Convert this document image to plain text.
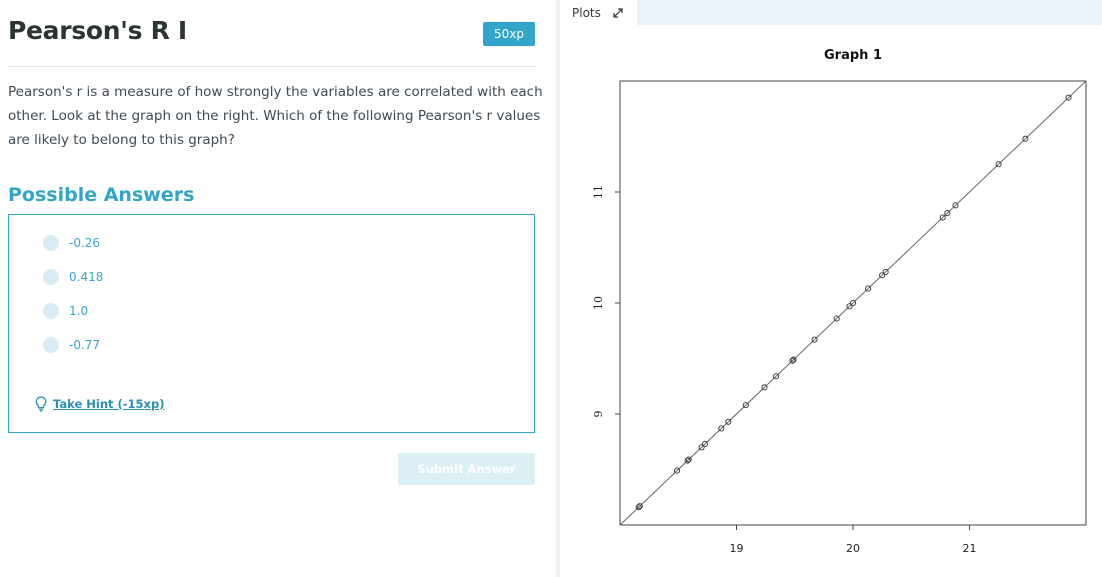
Pearson's R I	50xp
Pearson's r is a measure of how strongly the variables are correlated with each other. Look at the graph on the right. Which of the following Pearson's r values are likely to belong to this graph?
Possible Answers
-0.26
0.418
1.0
-0.77
Take Hint (-15xp)
Submit Answer
Plots
Graph 1
19	20	21
9
10
11
